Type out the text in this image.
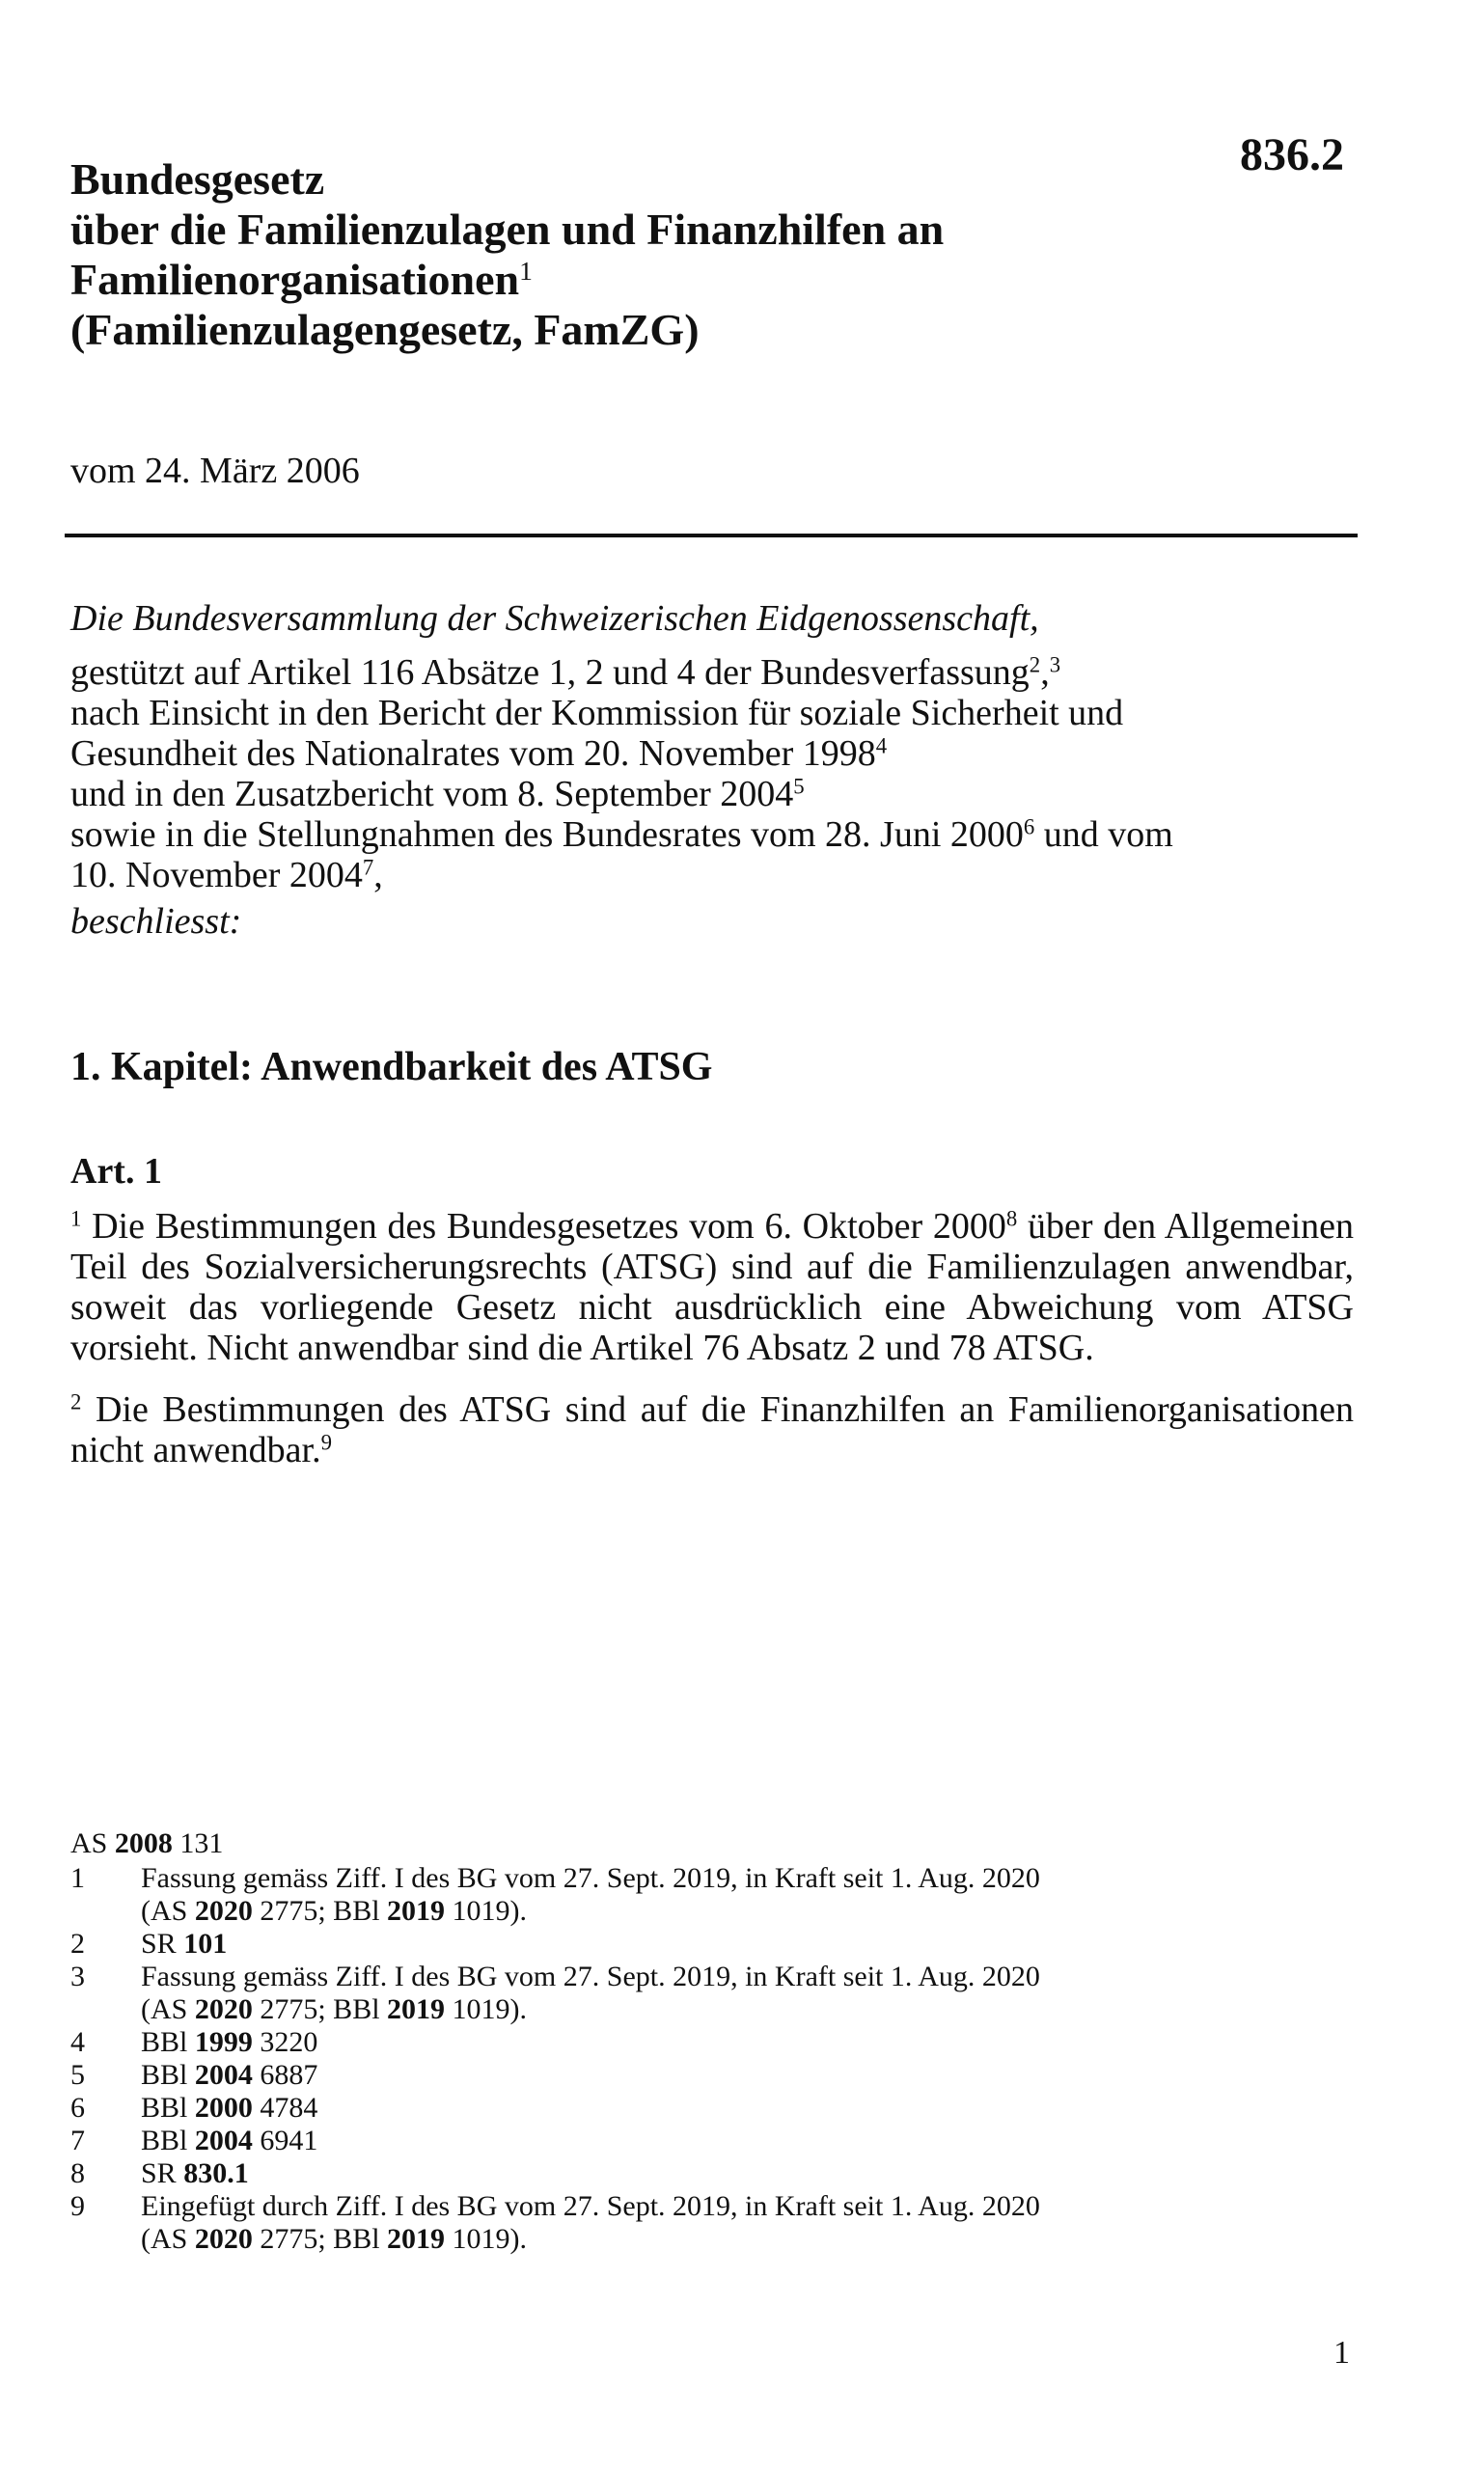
Bundesgesetz
über die Familienzulagen und Finanzhilfen an
Familienorganisationen$^1$
(Familienzulagengesetz, FamZG)
836.2
vom 24. März 2006
Die Bundesversammlung der Schweizerischen Eidgenossenschaft,
gestützt auf Artikel 116 Absätze 1, 2 und 4 der Bundesverfassung$^2$,$^3$
nach Einsicht in den Bericht der Kommission für soziale Sicherheit und
Gesundheit des Nationalrates vom 20. November 1998$^4$
und in den Zusatzbericht vom 8. September 2004$^5$
sowie in die Stellungnahmen des Bundesrates vom 28. Juni 2000$^6$ und vom
10. November 2004$^7$,
beschliesst:
1. Kapitel: Anwendbarkeit des ATSG
Art. 1
$^1$ Die Bestimmungen des Bundesgesetzes vom 6. Oktober 2000$^8$ über den Allgemeinen Teil des Sozialversicherungsrechts (ATSG) sind auf die Familienzulagen anwendbar, soweit das vorliegende Gesetz nicht ausdrücklich eine Abweichung vom ATSG vorsieht. Nicht anwendbar sind die Artikel 76 Absatz 2 und 78 ATSG.
$^2$ Die Bestimmungen des ATSG sind auf die Finanzhilfen an Familienorganisationen nicht anwendbar.$^9$
AS 2008 131
1	Fassung gemäss Ziff. I des BG vom 27. Sept. 2019, in Kraft seit 1. Aug. 2020
(AS 2020 2775; BBl 2019 1019).
2	SR 101
3	Fassung gemäss Ziff. I des BG vom 27. Sept. 2019, in Kraft seit 1. Aug. 2020
(AS 2020 2775; BBl 2019 1019).
4	BBl 1999 3220
5	BBl 2004 6887
6	BBl 2000 4784
7	BBl 2004 6941
8	SR 830.1
9	Eingefügt durch Ziff. I des BG vom 27. Sept. 2019, in Kraft seit 1. Aug. 2020
(AS 2020 2775; BBl 2019 1019).
1
